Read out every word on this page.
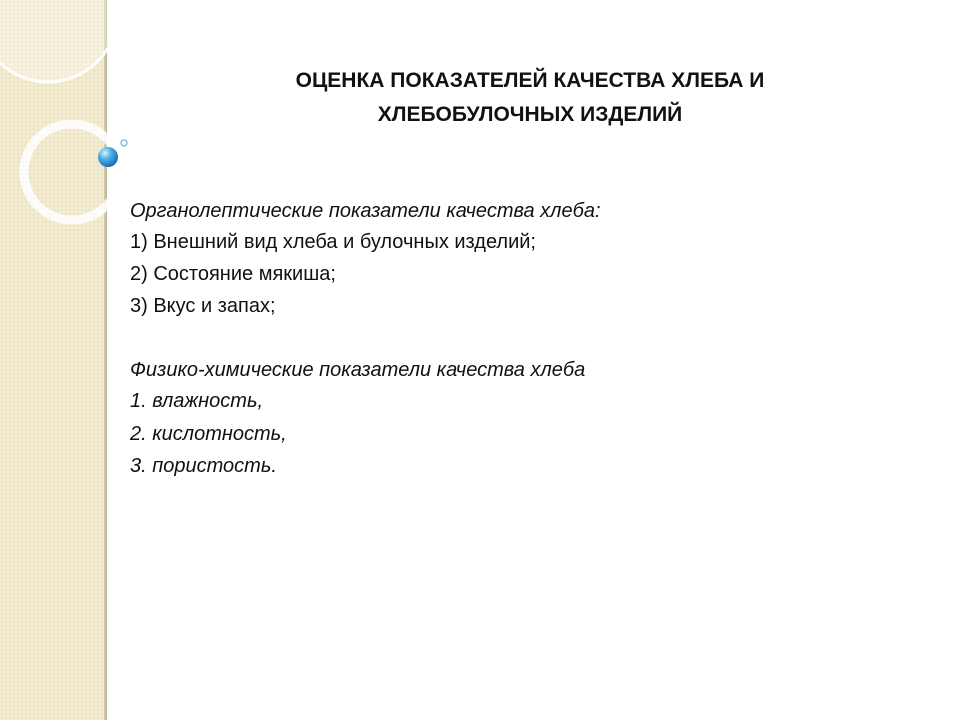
ОЦЕНКА ПОКАЗАТЕЛЕЙ КАЧЕСТВА ХЛЕБА И
ХЛЕБОБУЛОЧНЫХ ИЗДЕЛИЙ
Органолептические показатели качества хлеба:
1) Внешний вид хлеба и булочных изделий;
2) Состояние мякиша;
3) Вкус и запах;
Физико-химические показатели качества хлеба
1. влажность,
2. кислотность,
3. пористость.
